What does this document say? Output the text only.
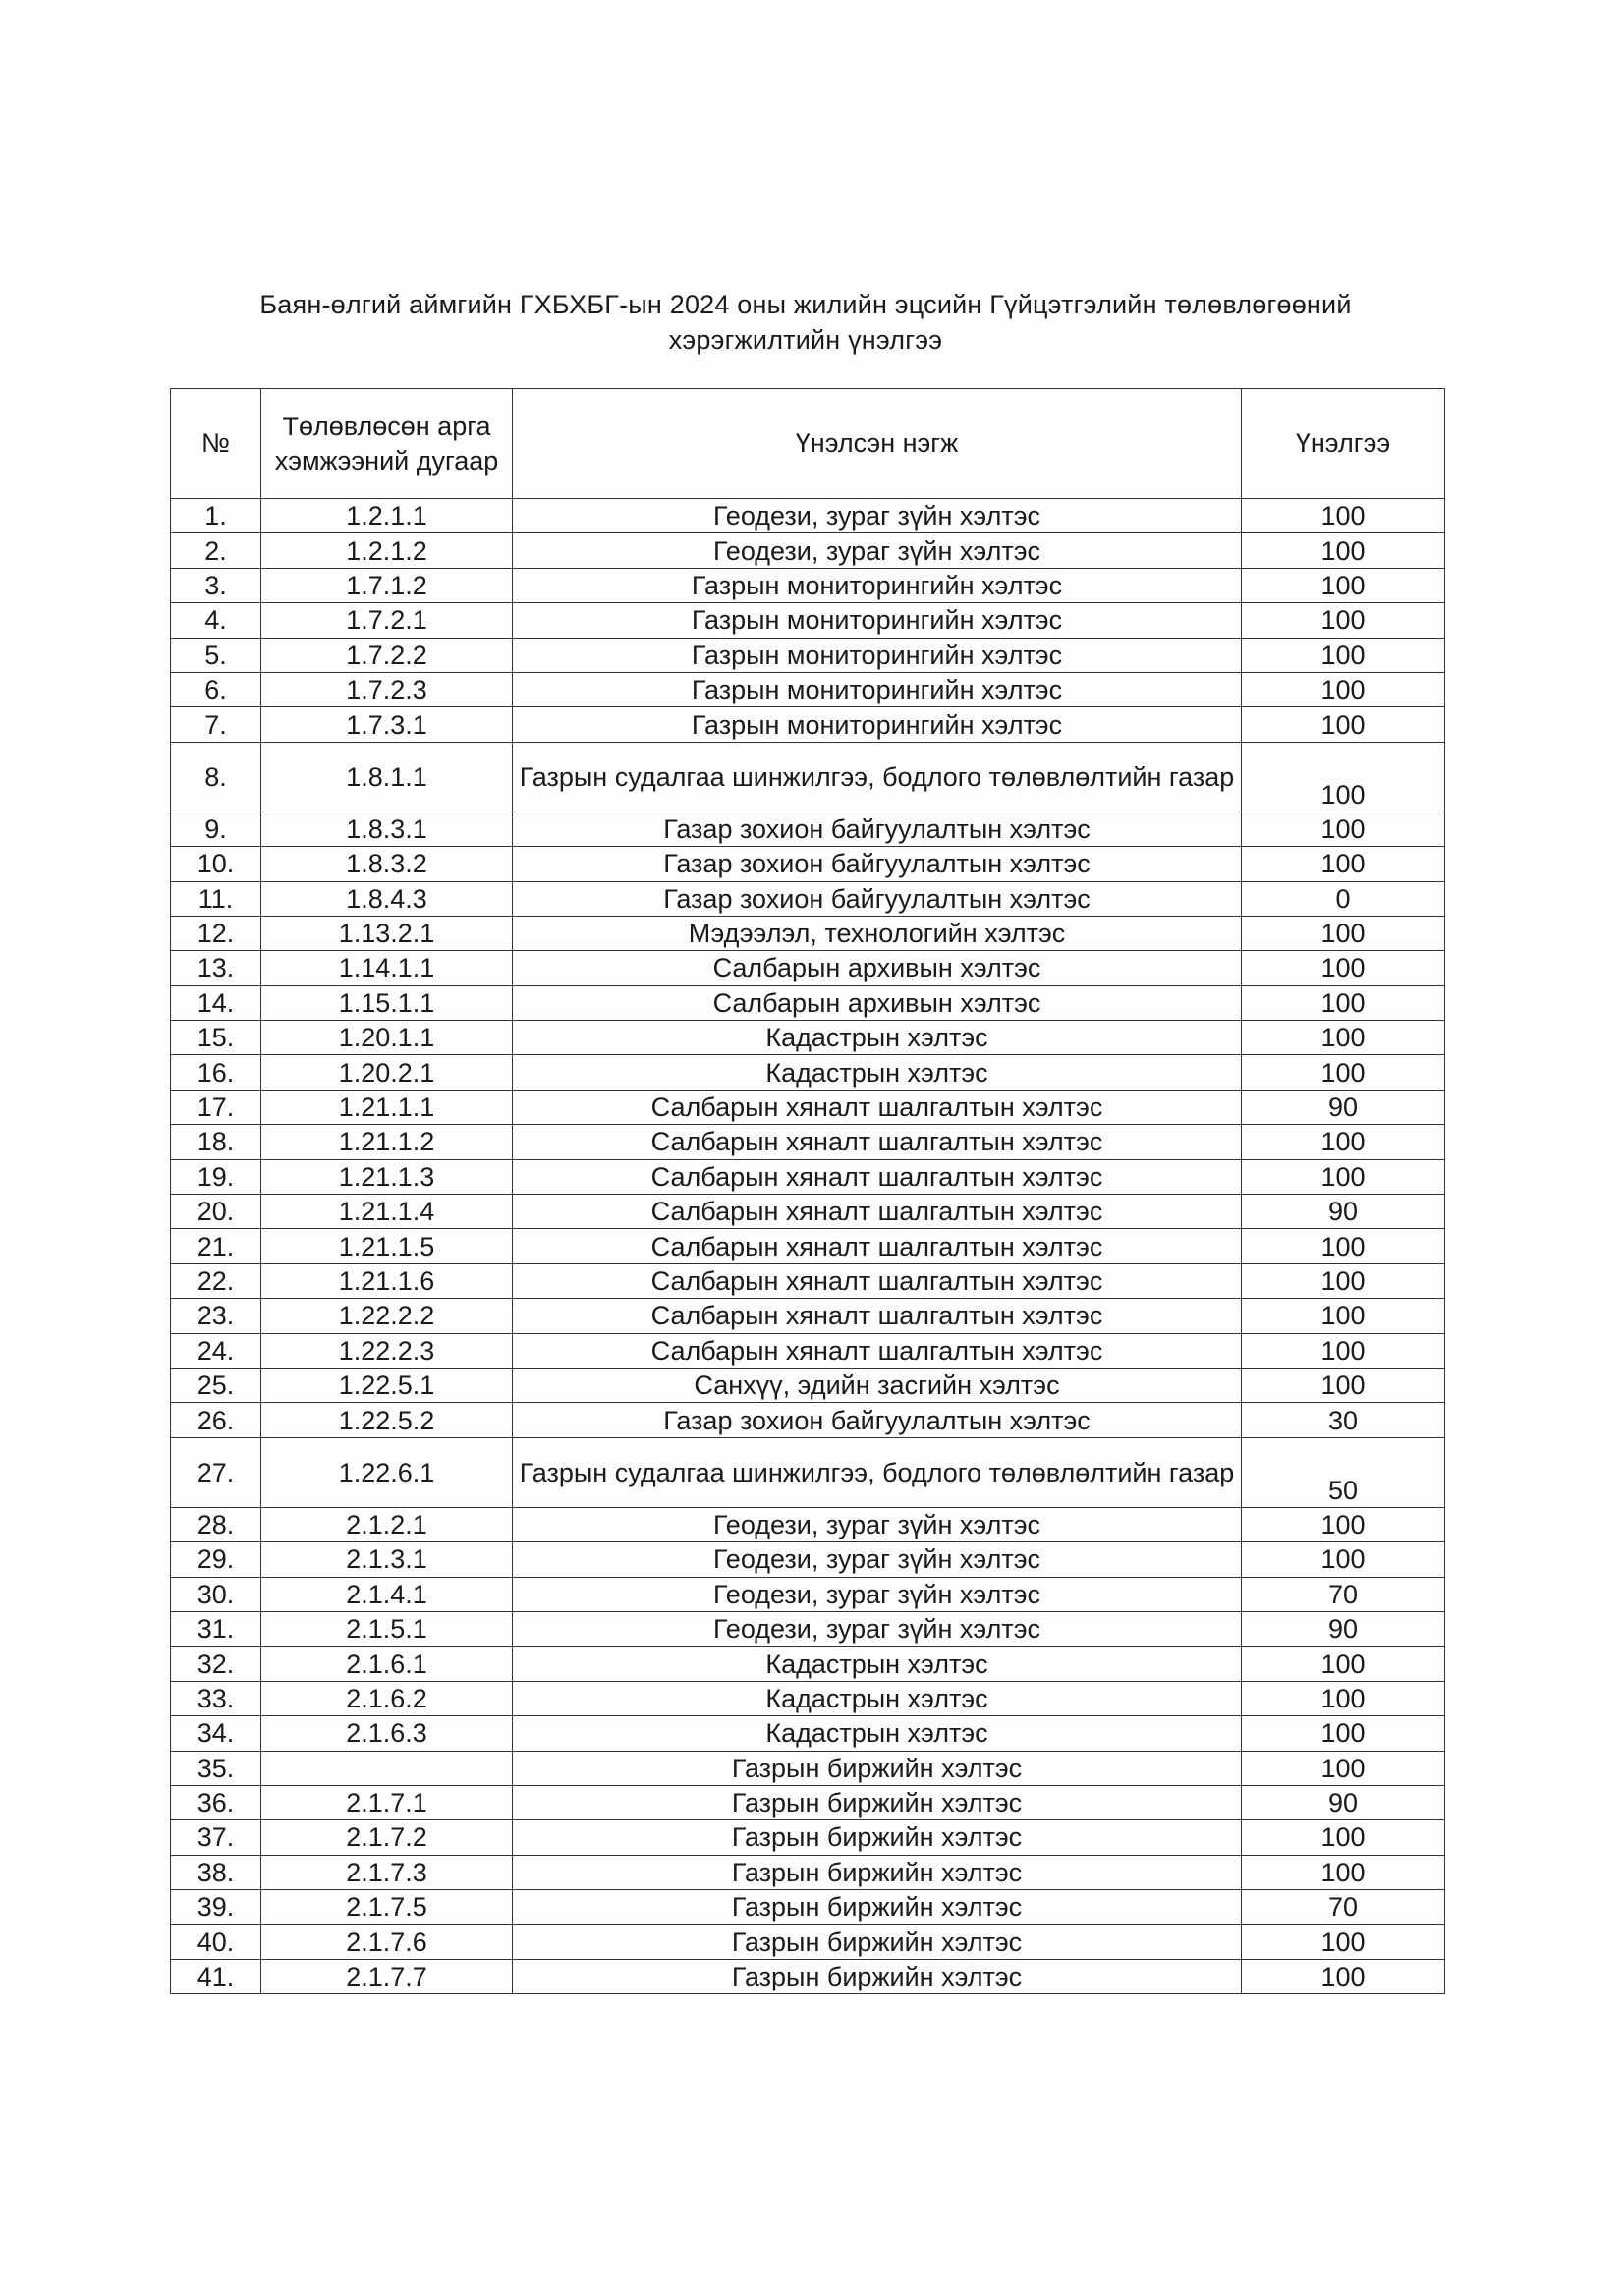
Баян-өлгий аймгийн ГХБХБГ-ын 2024 оны жилийн эцсийн Гүйцэтгэлийн төлөвлөгөөний
хэрэгжилтийн үнэлгээ
№	Төлөвлөсөн арга хэмжээний дугаар	Үнэлсэн нэгж	Үнэлгээ
1.	1.2.1.1	Геодези, зураг зүйн хэлтэс	100
2.	1.2.1.2	Геодези, зураг зүйн хэлтэс	100
3.	1.7.1.2	Газрын мониторингийн хэлтэс	100
4.	1.7.2.1	Газрын мониторингийн хэлтэс	100
5.	1.7.2.2	Газрын мониторингийн хэлтэс	100
6.	1.7.2.3	Газрын мониторингийн хэлтэс	100
7.	1.7.3.1	Газрын мониторингийн хэлтэс	100
8.	1.8.1.1	Газрын судалгаа шинжилгээ, бодлого төлөвлөлтийн газар	100
9.	1.8.3.1	Газар зохион байгуулалтын хэлтэс	100
10.	1.8.3.2	Газар зохион байгуулалтын хэлтэс	100
11.	1.8.4.3	Газар зохион байгуулалтын хэлтэс	0
12.	1.13.2.1	Мэдээлэл, технологийн хэлтэс	100
13.	1.14.1.1	Салбарын архивын хэлтэс	100
14.	1.15.1.1	Салбарын архивын хэлтэс	100
15.	1.20.1.1	Кадастрын хэлтэс	100
16.	1.20.2.1	Кадастрын хэлтэс	100
17.	1.21.1.1	Салбарын хяналт шалгалтын хэлтэс	90
18.	1.21.1.2	Салбарын хяналт шалгалтын хэлтэс	100
19.	1.21.1.3	Салбарын хяналт шалгалтын хэлтэс	100
20.	1.21.1.4	Салбарын хяналт шалгалтын хэлтэс	90
21.	1.21.1.5	Салбарын хяналт шалгалтын хэлтэс	100
22.	1.21.1.6	Салбарын хяналт шалгалтын хэлтэс	100
23.	1.22.2.2	Салбарын хяналт шалгалтын хэлтэс	100
24.	1.22.2.3	Салбарын хяналт шалгалтын хэлтэс	100
25.	1.22.5.1	Санхүү, эдийн засгийн хэлтэс	100
26.	1.22.5.2	Газар зохион байгуулалтын хэлтэс	30
27.	1.22.6.1	Газрын судалгаа шинжилгээ, бодлого төлөвлөлтийн газар	50
28.	2.1.2.1	Геодези, зураг зүйн хэлтэс	100
29.	2.1.3.1	Геодези, зураг зүйн хэлтэс	100
30.	2.1.4.1	Геодези, зураг зүйн хэлтэс	70
31.	2.1.5.1	Геодези, зураг зүйн хэлтэс	90
32.	2.1.6.1	Кадастрын хэлтэс	100
33.	2.1.6.2	Кадастрын хэлтэс	100
34.	2.1.6.3	Кадастрын хэлтэс	100
35.		Газрын биржийн хэлтэс	100
36.	2.1.7.1	Газрын биржийн хэлтэс	90
37.	2.1.7.2	Газрын биржийн хэлтэс	100
38.	2.1.7.3	Газрын биржийн хэлтэс	100
39.	2.1.7.5	Газрын биржийн хэлтэс	70
40.	2.1.7.6	Газрын биржийн хэлтэс	100
41.	2.1.7.7	Газрын биржийн хэлтэс	100
